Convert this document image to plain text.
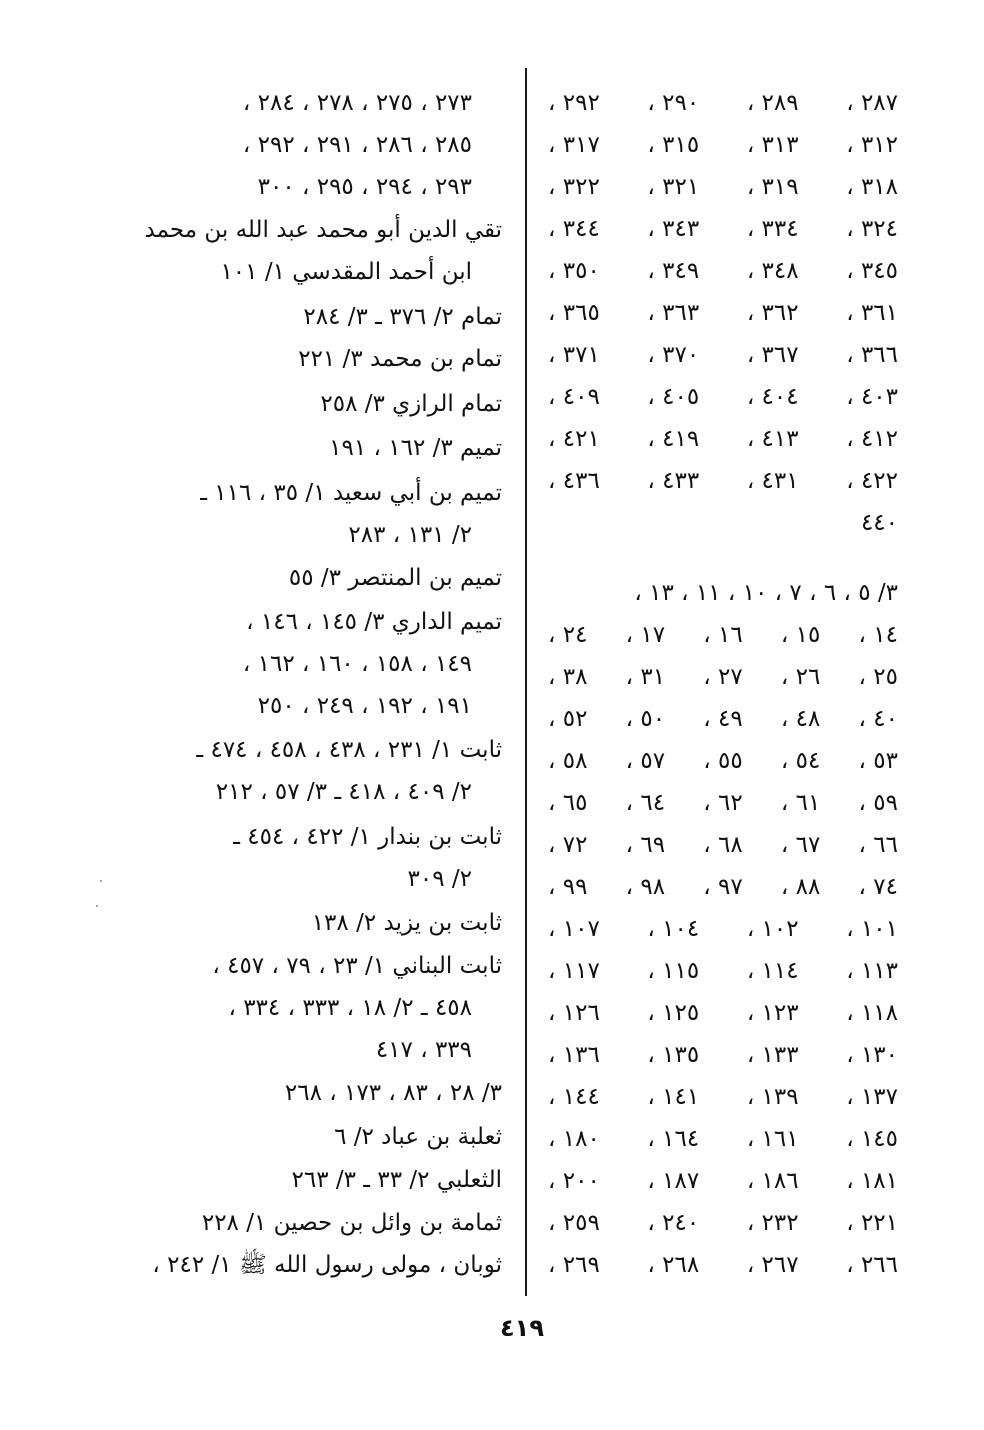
٢٨٧ ،
٢٨٩ ،
٢٩٠ ،
٢٩٢ ،
٣١٢ ،
٣١٣ ،
٣١٥ ،
٣١٧ ،
٣١٨ ،
٣١٩ ،
٣٢١ ،
٣٢٢ ،
٣٢٤ ،
٣٣٤ ،
٣٤٣ ،
٣٤٤ ،
٣٤٥ ،
٣٤٨ ،
٣٤٩ ،
٣٥٠ ،
٣٦١ ،
٣٦٢ ،
٣٦٣ ،
٣٦٥ ،
٣٦٦ ،
٣٦٧ ،
٣٧٠ ،
٣٧١ ،
٤٠٣ ،
٤٠٤ ،
٤٠٥ ،
٤٠٩ ،
٤١٢ ،
٤١٣ ،
٤١٩ ،
٤٢١ ،
٤٢٢ ،
٤٣١ ،
٤٣٣ ،
٤٣٦ ،
٤٤٠
٣/ ٥ ، ٦ ، ٧ ، ١٠ ، ١١ ، ١٣ ،
١٤ ،
١٥ ،
١٦ ،
١٧ ،
٢٤ ،
٢٥ ،
٢٦ ،
٢٧ ،
٣١ ،
٣٨ ،
٤٠ ،
٤٨ ،
٤٩ ،
٥٠ ،
٥٢ ،
٥٣ ،
٥٤ ،
٥٥ ،
٥٧ ،
٥٨ ،
٥٩ ،
٦١ ،
٦٢ ،
٦٤ ،
٦٥ ،
٦٦ ،
٦٧ ،
٦٨ ،
٦٩ ،
٧٢ ،
٧٤ ،
٨٨ ،
٩٧ ،
٩٨ ،
٩٩ ،
١٠١ ،
١٠٢ ،
١٠٤ ،
١٠٧ ،
١١٣ ،
١١٤ ،
١١٥ ،
١١٧ ،
١١٨ ،
١٢٣ ،
١٢٥ ،
١٢٦ ،
١٣٠ ،
١٣٣ ،
١٣٥ ،
١٣٦ ،
١٣٧ ،
١٣٩ ،
١٤١ ،
١٤٤ ،
١٤٥ ،
١٦١ ،
١٦٤ ،
١٨٠ ،
١٨١ ،
١٨٦ ،
١٨٧ ،
٢٠٠ ،
٢٢١ ،
٢٣٢ ،
٢٤٠ ،
٢٥٩ ،
٢٦٦ ،
٢٦٧ ،
٢٦٨ ،
٢٦٩ ،
٢٧٣ ، ٢٧٥ ، ٢٧٨ ، ٢٨٤ ،
٢٨٥ ، ٢٨٦ ، ٢٩١ ، ٢٩٢ ،
٢٩٣ ، ٢٩٤ ، ٢٩٥ ، ٣٠٠
تقي الدين أبو محمد عبد الله بن محمد
ابن أحمد المقدسي ١/ ١٠١
تمام ٢/ ٣٧٦ ـ ٣/ ٢٨٤
تمام بن محمد ٣/ ٢٢١
تمام الرازي ٣/ ٢٥٨
تميم ٣/ ١٦٢ ، ١٩١
تميم بن أبي سعيد ١/ ٣٥ ، ١١٦ ـ
٢/ ١٣١ ، ٢٨٣
تميم بن المنتصر ٣/ ٥٥
تميم الداري ٣/ ١٤٥ ، ١٤٦ ،
١٤٩ ، ١٥٨ ، ١٦٠ ، ١٦٢ ،
١٩١ ، ١٩٢ ، ٢٤٩ ، ٢٥٠
ثابت ١/ ٢٣١ ، ٤٣٨ ، ٤٥٨ ، ٤٧٤ ـ
٢/ ٤٠٩ ، ٤١٨ ـ ٣/ ٥٧ ، ٢١٢
ثابت بن بندار ١/ ٤٢٢ ، ٤٥٤ ـ
٢/ ٣٠٩
ثابت بن يزيد ٢/ ١٣٨
ثابت البناني ١/ ٢٣ ، ٧٩ ، ٤٥٧ ،
٤٥٨ ـ ٢/ ١٨ ، ٣٣٣ ، ٣٣٤ ،
٣٣٩ ، ٤١٧
٣/ ٢٨ ، ٨٣ ، ١٧٣ ، ٢٦٨
ثعلبة بن عباد ٢/ ٦
الثعلبي ٢/ ٣٣ ـ ٣/ ٢٦٣
ثمامة بن وائل بن حصين ١/ ٢٢٨
ثوبان ، مولى رسول الله ﷺ ١/ ٢٤٢ ،
٤١٩
